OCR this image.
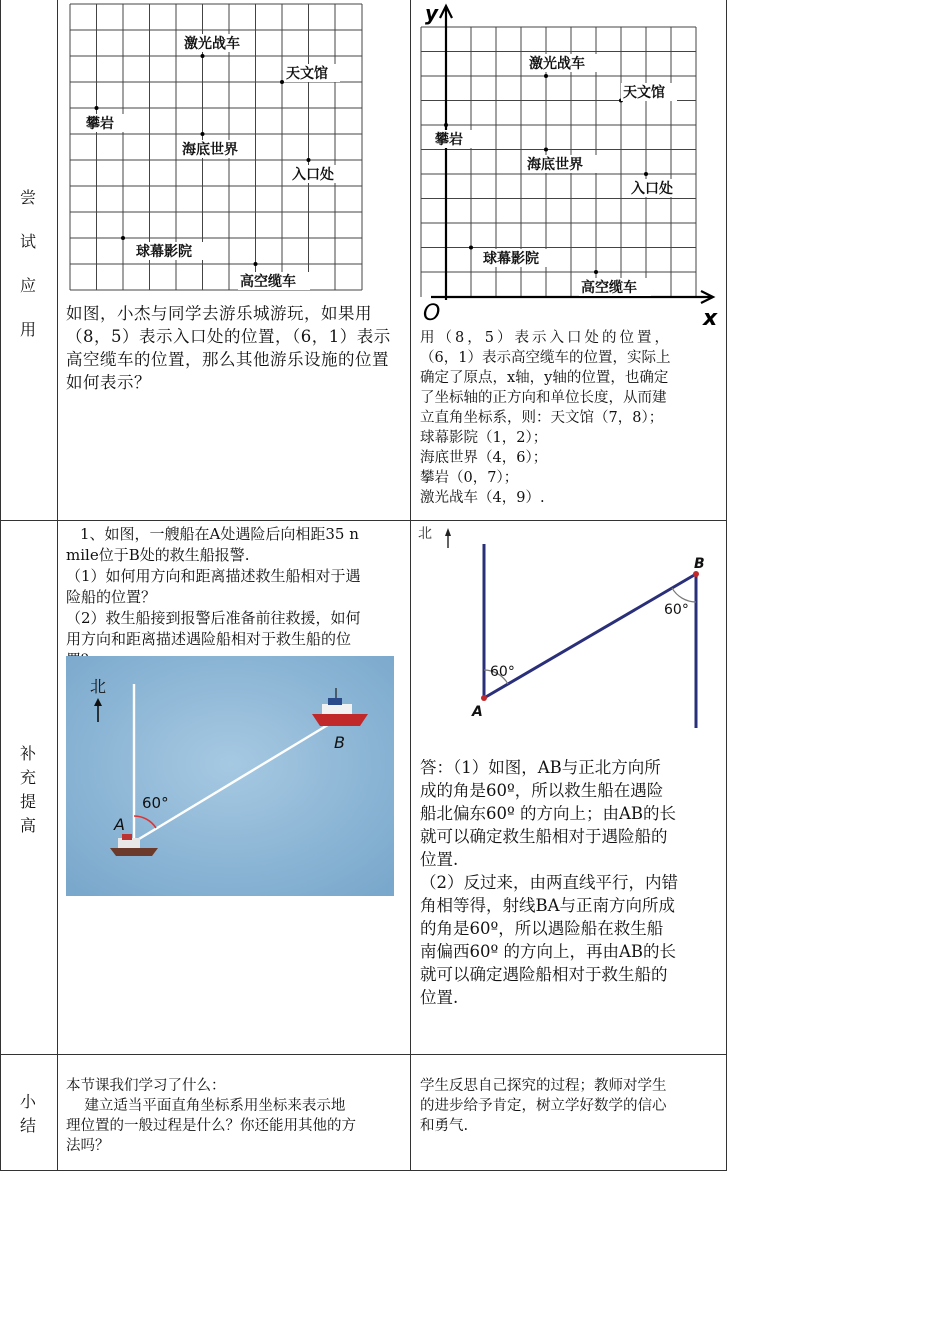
尝
试
应
用
激光战车
天文馆
攀岩
海底世界
入口处
球幕影院
高空缆车
如图，小杰与同学去游乐城游玩，如果用（8，5）表示入口处的位置，（6，1）表示高空缆车的位置，那么其他游乐设施的位置如何表示？
y
x
O
激光战车
天文馆
攀岩
海底世界
入口处
球幕影院
高空缆车
用（8，5）表示入口处的位置，
（6，1）表示高空缆车的位置，实际上
确定了原点，x轴，y轴的位置，也确定
了坐标轴的正方向和单位长度，从而建
立直角坐标系，则：天文馆（7，8）；
球幕影院（1，2）；
海底世界（4，6）；
攀岩（0，7）；
激光战车（4，9）.
补
充
提
高
1、如图，一艘船在A处遇险后向相距35 n
mile位于B处的救生船报警.
（1）如何用方向和距离描述救生船相对于遇
险船的位置？
（2）救生船接到报警后准备前往救援，如何
用方向和距离描述遇险船相对于救生船的位
北
60°
A
B
北
60°
60°
A
B
答：（1）如图，AB与正北方向所
成的角是60º，所以救生船在遇险
船北偏东60º 的方向上；由AB的长
就可以确定救生船相对于遇险船的
位置.
（2）反过来，由两直线平行，内错
角相等得，射线BA与正南方向所成
的角是60º，所以遇险船在救生船
南偏西60º 的方向上，再由AB的长
就可以确定遇险船相对于救生船的
位置.
小
结
本节课我们学习了什么：
建立适当平面直角坐标系用坐标来表示地
理位置的一般过程是什么？你还能用其他的方
法吗？
学生反思自己探究的过程；教师对学生
的进步给予肯定，树立学好数学的信心
和勇气.
